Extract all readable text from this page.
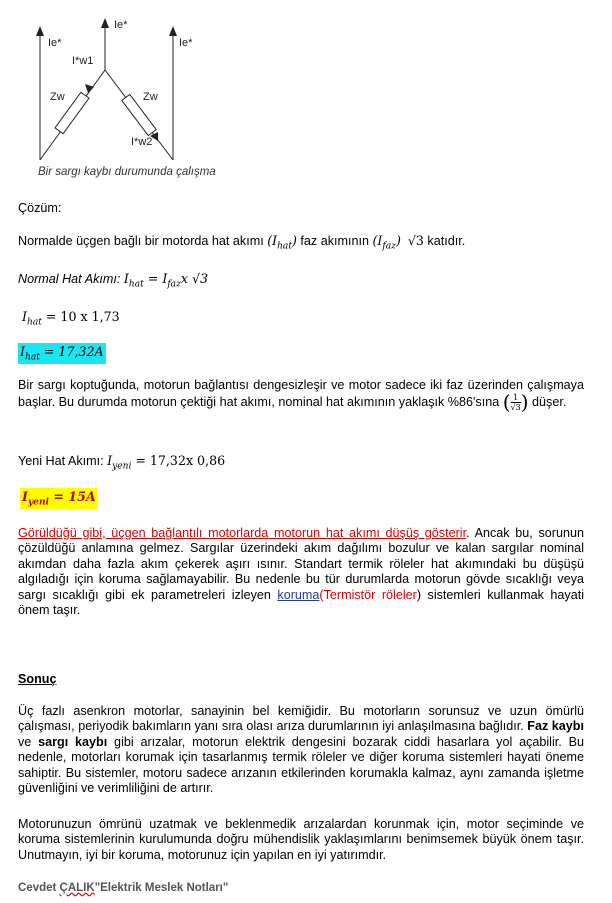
Ie*
Ie*
Ie*
I*w1
Zw	Zw
I*w2
Bir sargı kaybı durumunda çalışma
Çözüm:
Normalde üçgen bağlı bir motorda hat akımı $(I_{hat})$ faz akımının $(I_{faz})$ √3 katıdır.
Normal Hat Akımı: $I_{hat} = I_{faz}x$ √3
$I_{hat} = 10$ x 1,73
$I_{hat} = 17,32A$
Bir sargı koptuğunda, motorun bağlantısı dengesizleşir ve motor sadece iki faz üzerinden çalışmaya başlar. Bu durumda motorun çektiği hat akımı, nominal hat akımının yaklaşık %86'sına ( $\frac{1}{√3}$) düşer.
Yeni Hat Akımı: $I_{yeni} = 17,32x$ 0,86
$I_{yeni} = 15A$
Görüldüğü gibi, üçgen bağlantılı motorlarda motorun hat akımı düşüş gösterir. Ancak bu, sorunun çözüldüğü anlamına gelmez. Sargılar üzerindeki akım dağılımı bozulur ve kalan sargılar nominal akımdan daha fazla akım çekerek aşırı ısınır. Standart termik röleler hat akımındaki bu düşüşü algıladığı için koruma sağlamayabilir. Bu nedenle bu tür durumlarda motorun gövde sıcaklığı veya sargı sıcaklığı gibi ek parametreleri izleyen koruma(Termistör röleler) sistemleri kullanmak hayati önem taşır.
Sonuç
Üç fazlı asenkron motorlar, sanayinin bel kemiğidir. Bu motorların sorunsuz ve uzun ömürlü çalışması, periyodik bakımların yanı sıra olası arıza durumlarının iyi anlaşılmasına bağlıdır. Faz kaybı ve sargı kaybı gibi arızalar, motorun elektrik dengesini bozarak ciddi hasarlara yol açabilir. Bu nedenle, motorları korumak için tasarlanmış termik röleler ve diğer koruma sistemleri hayati öneme sahiptir. Bu sistemler, motoru sadece arızanın etkilerinden korumakla kalmaz, aynı zamanda işletme güvenliğini ve verimliliğini de artırır.
Motorunuzun ömrünü uzatmak ve beklenmedik arızalardan korunmak için, motor seçiminde ve koruma sistemlerinin kurulumunda doğru mühendislik yaklaşımlarını benimsemek büyük önem taşır. Unutmayın, iyi bir koruma, motorunuz için yapılan en iyi yatırımdır.
Cevdet ÇALIK"Elektrik Meslek Notları"
